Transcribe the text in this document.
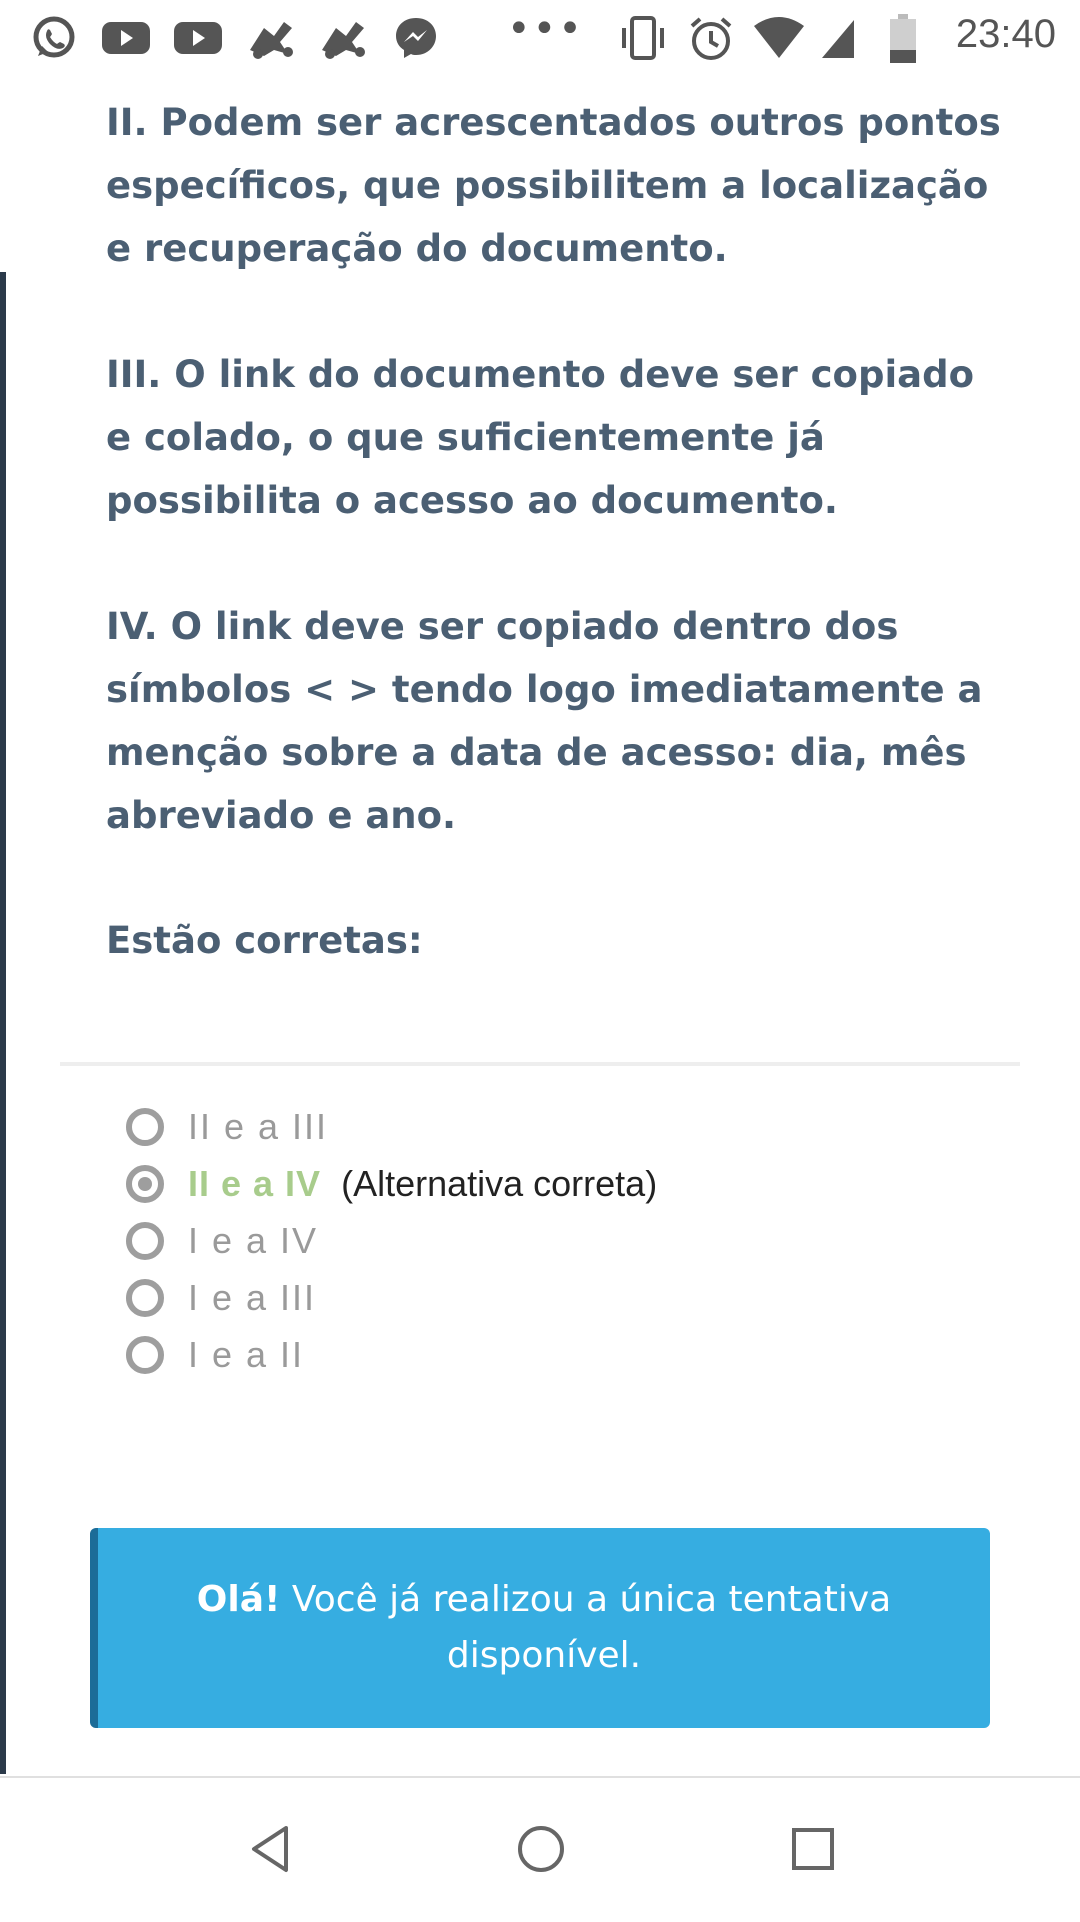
•••	23:40
II. Podem ser acrescentados outros pontos específicos, que possibilitem a localização e recuperação do documento.
III. O link do documento deve ser copiado e colado, o que suficientemente já possibilita o acesso ao documento.
IV. O link deve ser copiado dentro dos símbolos < > tendo logo imediatamente a menção sobre a data de acesso: dia, mês abreviado e ano.
Estão corretas:
II e a III
II e a IV (Alternativa correta)
I e a IV
I e a III
I e a II
Olá! Você já realizou a única tentativa disponível.
